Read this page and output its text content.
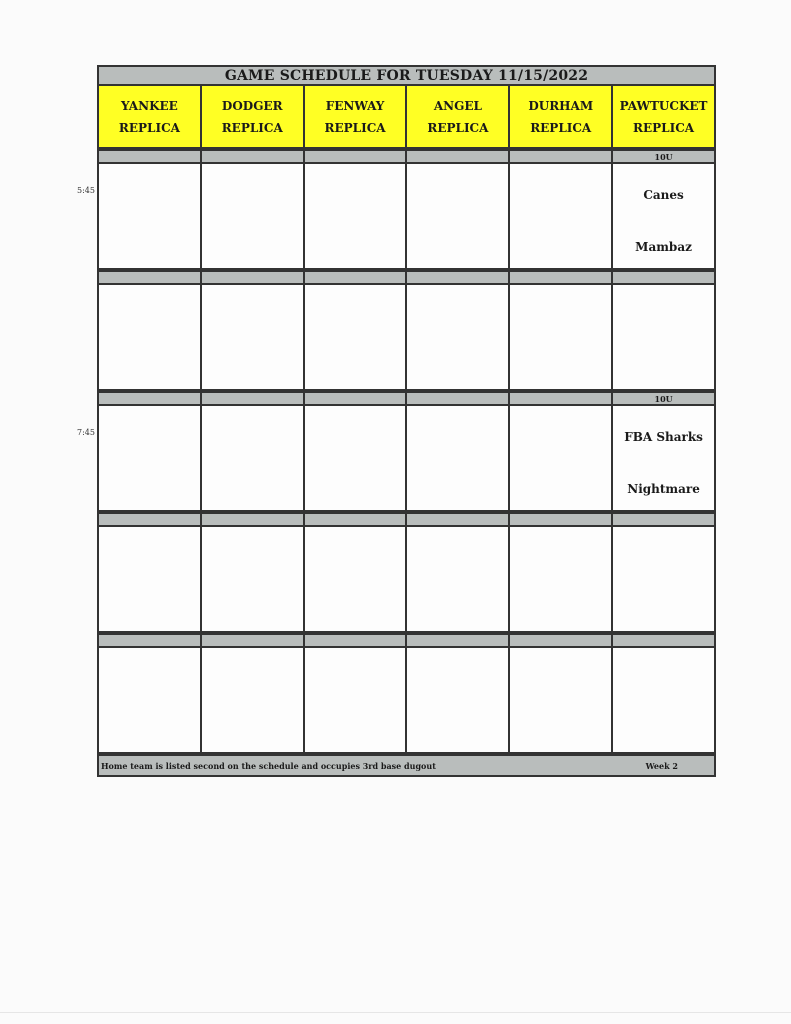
GAME SCHEDULE FOR TUESDAY 11/15/2022
YANKEE
REPLICA
DODGER
REPLICA
FENWAY
REPLICA
ANGEL
REPLICA
DURHAM
REPLICA
PAWTUCKET
REPLICA
10U
Canes
Mambaz
10U
FBA Sharks
Nightmare
Home team is listed second on the schedule and occupies 3rd base dugout	Week 2
5:45
7:45
